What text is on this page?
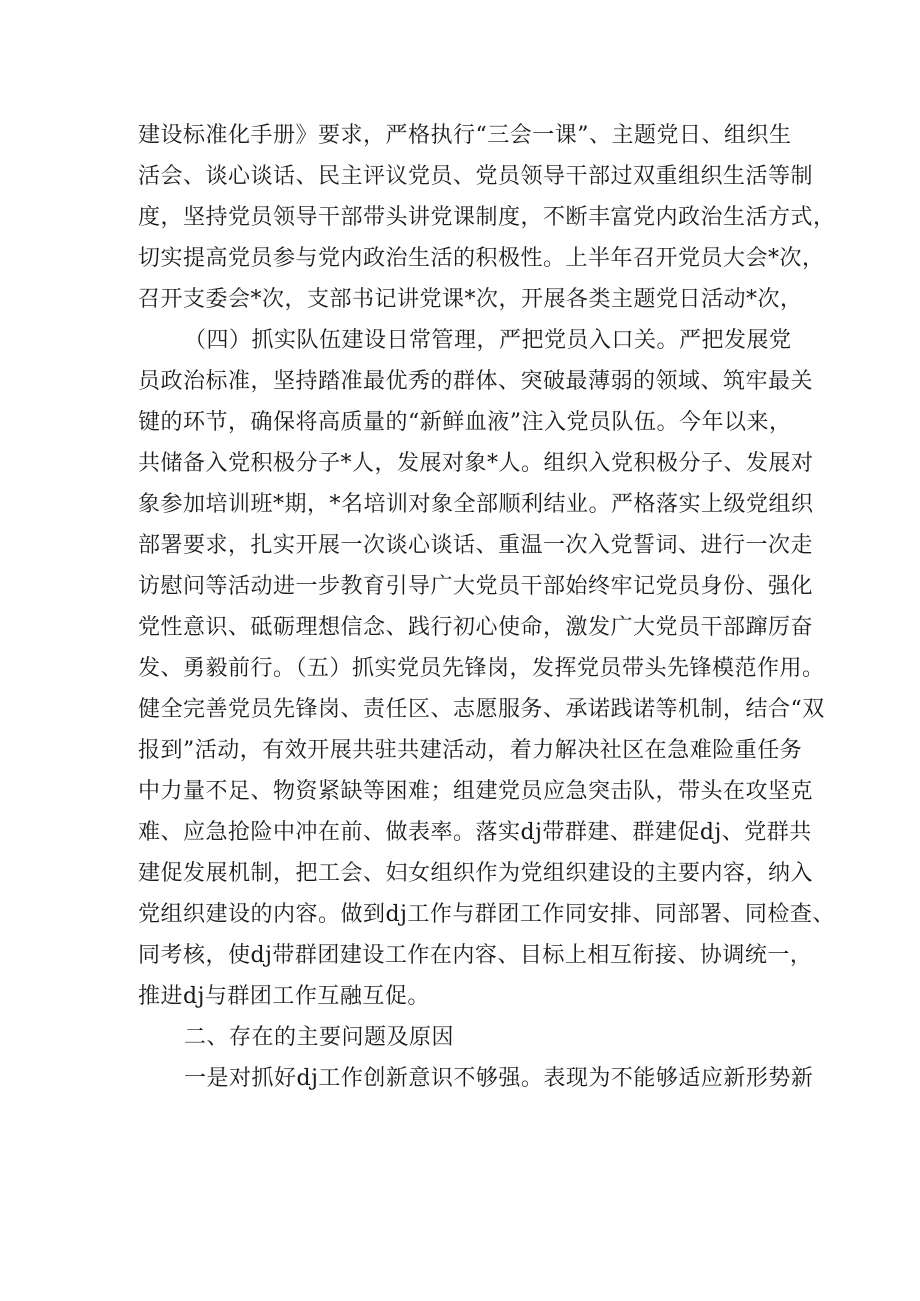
建设标准化手册》要求，严格执行“三会一课”、主题党日、组织生
活会、谈心谈话、民主评议党员、党员领导干部过双重组织生活等制
度，坚持党员领导干部带头讲党课制度，不断丰富党内政治生活方式，
切实提高党员参与党内政治生活的积极性。上半年召开党员大会*次，
召开支委会*次，支部书记讲党课*次，开展各类主题党日活动*次，
（四）抓实队伍建设日常管理，严把党员入口关。严把发展党
员政治标准，坚持踏准最优秀的群体、突破最薄弱的领域、筑牢最关
键的环节，确保将高质量的“新鲜血液”注入党员队伍。今年以来，
共储备入党积极分子*人，发展对象*人。组织入党积极分子、发展对
象参加培训班*期，*名培训对象全部顺利结业。严格落实上级党组织
部署要求，扎实开展一次谈心谈话、重温一次入党誓词、进行一次走
访慰问等活动进一步教育引导广大党员干部始终牢记党员身份、强化
党性意识、砥砺理想信念、践行初心使命，激发广大党员干部蹿厉奋
发、勇毅前行。（五）抓实党员先锋岗，发挥党员带头先锋模范作用。
健全完善党员先锋岗、责任区、志愿服务、承诺践诺等机制，结合“双
报到”活动，有效开展共驻共建活动，着力解决社区在急难险重任务
中力量不足、物资紧缺等困难；组建党员应急突击队，带头在攻坚克
难、应急抢险中冲在前、做表率。落实dj带群建、群建促dj、党群共
建促发展机制，把工会、妇女组织作为党组织建设的主要内容，纳入
党组织建设的内容。做到dj工作与群团工作同安排、同部署、同检查、
同考核，使dj带群团建设工作在内容、目标上相互衔接、协调统一，
推进dj与群团工作互融互促。
二、存在的主要问题及原因
一是对抓好dj工作创新意识不够强。表现为不能够适应新形势新
